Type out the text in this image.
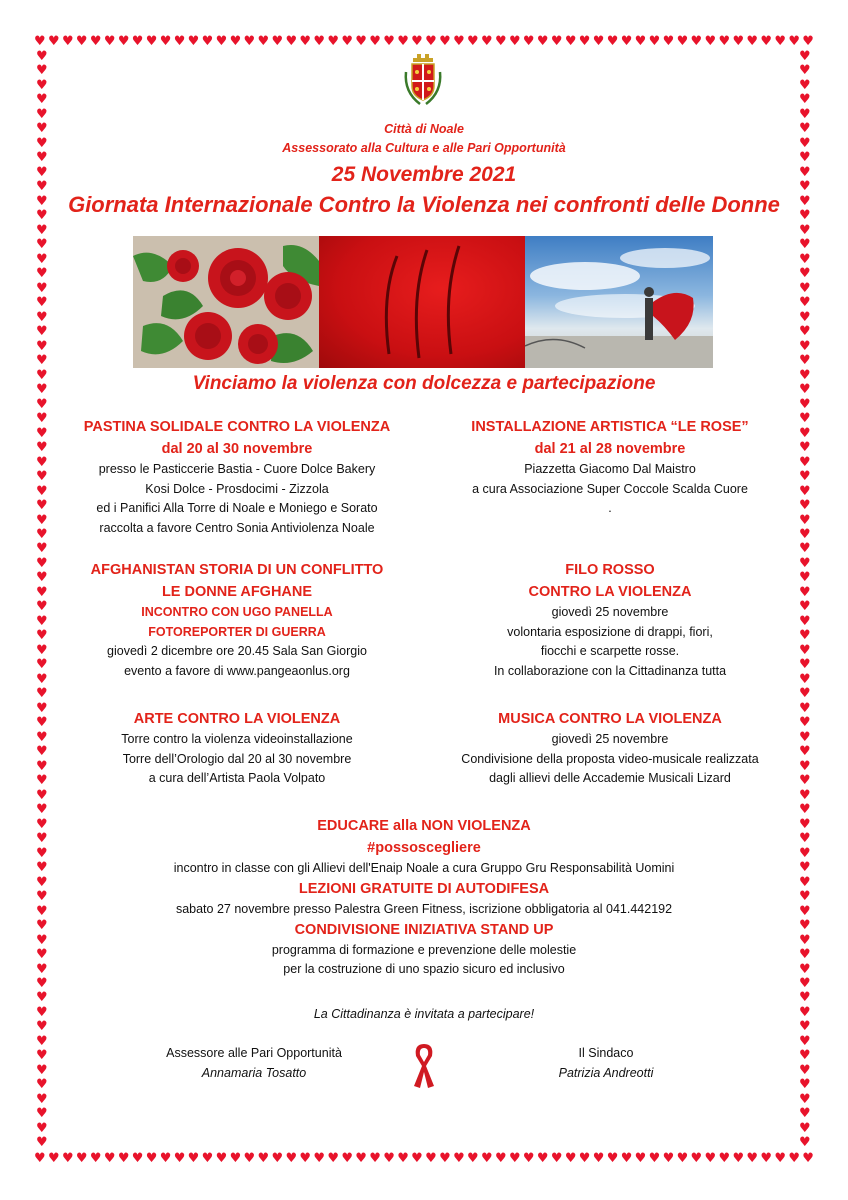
♥ ♥ ♥ ♥ ♥ ♥ ♥ ♥ ♥ ♥ ♥ ♥ ♥ ♥ ♥ ♥ ♥ ♥ ♥ ♥ ♥ ♥ ♥ ♥ ♥ ♥ ♥ ♥ ♥ ♥ ♥ ♥ ♥ ♥ ♥ ♥ ♥ ♥ ♥ ♥ ♥ ♥ ♥ ♥ ♥ ♥ ♥ ♥ ♥ ♥ ♥ ♥ ♥ ♥ ♥ ♥
♥ ♥ ♥ ♥ ♥ ♥ ♥ ♥ ♥ ♥ ♥ ♥ ♥ ♥ ♥ ♥ ♥ ♥ ♥ ♥ ♥ ♥ ♥ ♥ ♥ ♥ ♥ ♥ ♥ ♥ ♥ ♥ ♥ ♥ ♥ ♥ ♥ ♥ ♥ ♥ ♥ ♥ ♥ ♥ ♥ ♥ ♥ ♥ ♥ ♥ ♥ ♥ ♥ ♥ ♥ ♥
♥
♥
♥
♥
♥
♥
♥
♥
♥
♥
♥
♥
♥
♥
♥
♥
♥
♥
♥
♥
♥
♥
♥
♥
♥
♥
♥
♥
♥
♥
♥
♥
♥
♥
♥
♥
♥
♥
♥
♥
♥
♥
♥
♥
♥
♥
♥
♥
♥
♥
♥
♥
♥
♥
♥
♥
♥
♥
♥
♥
♥
♥
♥
♥
♥
♥
♥
♥
♥
♥
♥
♥
♥
♥
♥
♥
♥
♥
♥
♥
♥
♥
♥
♥
♥
♥
♥
♥
♥
♥
♥
♥
♥
♥
♥
♥
♥
♥
♥
♥
♥
♥
♥
♥
♥
♥
♥
♥
♥
♥
♥
♥
♥
♥
♥
♥
♥
♥
♥
♥
♥
♥
♥
♥
♥
♥
♥
♥
♥
♥
♥
♥
♥
♥
♥
♥
♥
♥
♥
♥
♥
♥
♥
♥
♥
♥
♥
♥
♥
♥
♥
♥
Città di Noale
Assessorato alla Cultura e alle Pari Opportunità
25 Novembre 2021
Giornata Internazionale Contro la Violenza nei confronti delle Donne
Vinciamo la violenza con dolcezza e partecipazione
PASTINA SOLIDALE CONTRO LA VIOLENZA
dal 20 al 30 novembre
presso le Pasticcerie Bastia - Cuore Dolce Bakery
Kosi Dolce - Prosdocimi - Zizzola
ed i Panifici Alla Torre di Noale e Moniego e Sorato
raccolta a favore Centro Sonia Antiviolenza Noale
INSTALLAZIONE ARTISTICA “LE ROSE”
dal 21 al 28 novembre
Piazzetta Giacomo Dal Maistro
a cura Associazione Super Coccole Scalda Cuore
.
AFGHANISTAN STORIA DI UN CONFLITTO
LE DONNE AFGHANE
INCONTRO CON UGO PANELLA
FOTOREPORTER DI GUERRA
giovedì 2 dicembre ore 20.45 Sala San Giorgio
evento a favore di www.pangeaonlus.org
FILO ROSSO
CONTRO LA VIOLENZA
giovedì 25 novembre
volontaria esposizione di drappi, fiori,
fiocchi e scarpette rosse.
In collaborazione con la Cittadinanza tutta
ARTE CONTRO LA VIOLENZA
Torre contro la violenza videoinstallazione
Torre dell’Orologio dal 20 al 30 novembre
a cura dell’Artista Paola Volpato
MUSICA CONTRO LA VIOLENZA
giovedì 25 novembre
Condivisione della proposta video-musicale realizzata
dagli allievi delle Accademie Musicali Lizard
EDUCARE alla NON VIOLENZA
#possoscegliere
incontro in classe con gli Allievi dell'Enaip Noale a cura Gruppo Gru Responsabilità Uomini
LEZIONI GRATUITE DI AUTODIFESA
sabato 27 novembre presso Palestra Green Fitness, iscrizione obbligatoria al 041.442192
CONDIVISIONE INIZIATIVA STAND UP
programma di formazione e prevenzione delle molestie
per la costruzione di uno spazio sicuro ed inclusivo
La Cittadinanza è invitata a partecipare!
Assessore alle Pari Opportunità
Annamaria Tosatto
Il Sindaco
Patrizia Andreotti
